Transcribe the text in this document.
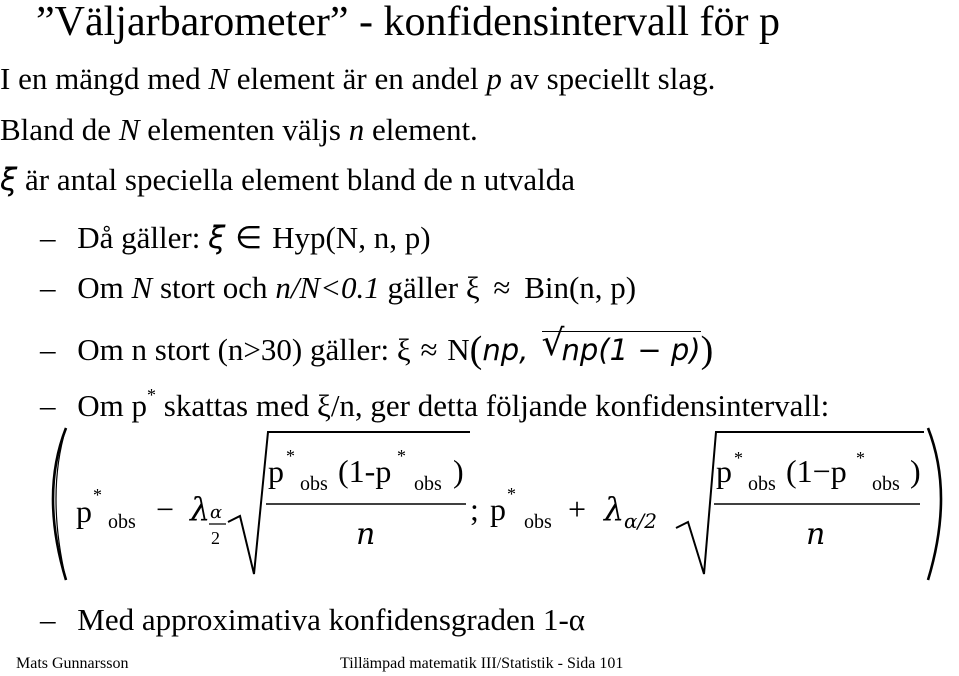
”Väljarbarometer” - konfidensintervall för p
I en mängd med N element är en andel p av speciellt slag.
Bland de N elementen väljs n element.
ξ är antal speciella element bland de n utvalda
– Då gäller: ξ ∈ Hyp(N, n, p)
– Om N stort och n/N<0.1 gäller ξ ≈ Bin(n, p)
– Om n stort (n>30) gäller: ξ ≈ N(np, √
np(1 − p))
– Om p* skattas med ξ/n, ger detta följande konfidensintervall:
p *
obs − λ α
2
p *
obs (1-p *
obs )
n
; p *
obs + λ α/2
p *
obs (1−p *
obs )
n
– Med approximativa konfidensgraden 1-α
Mats Gunnarsson	Tillämpad matematik III/Statistik - Sida 101
